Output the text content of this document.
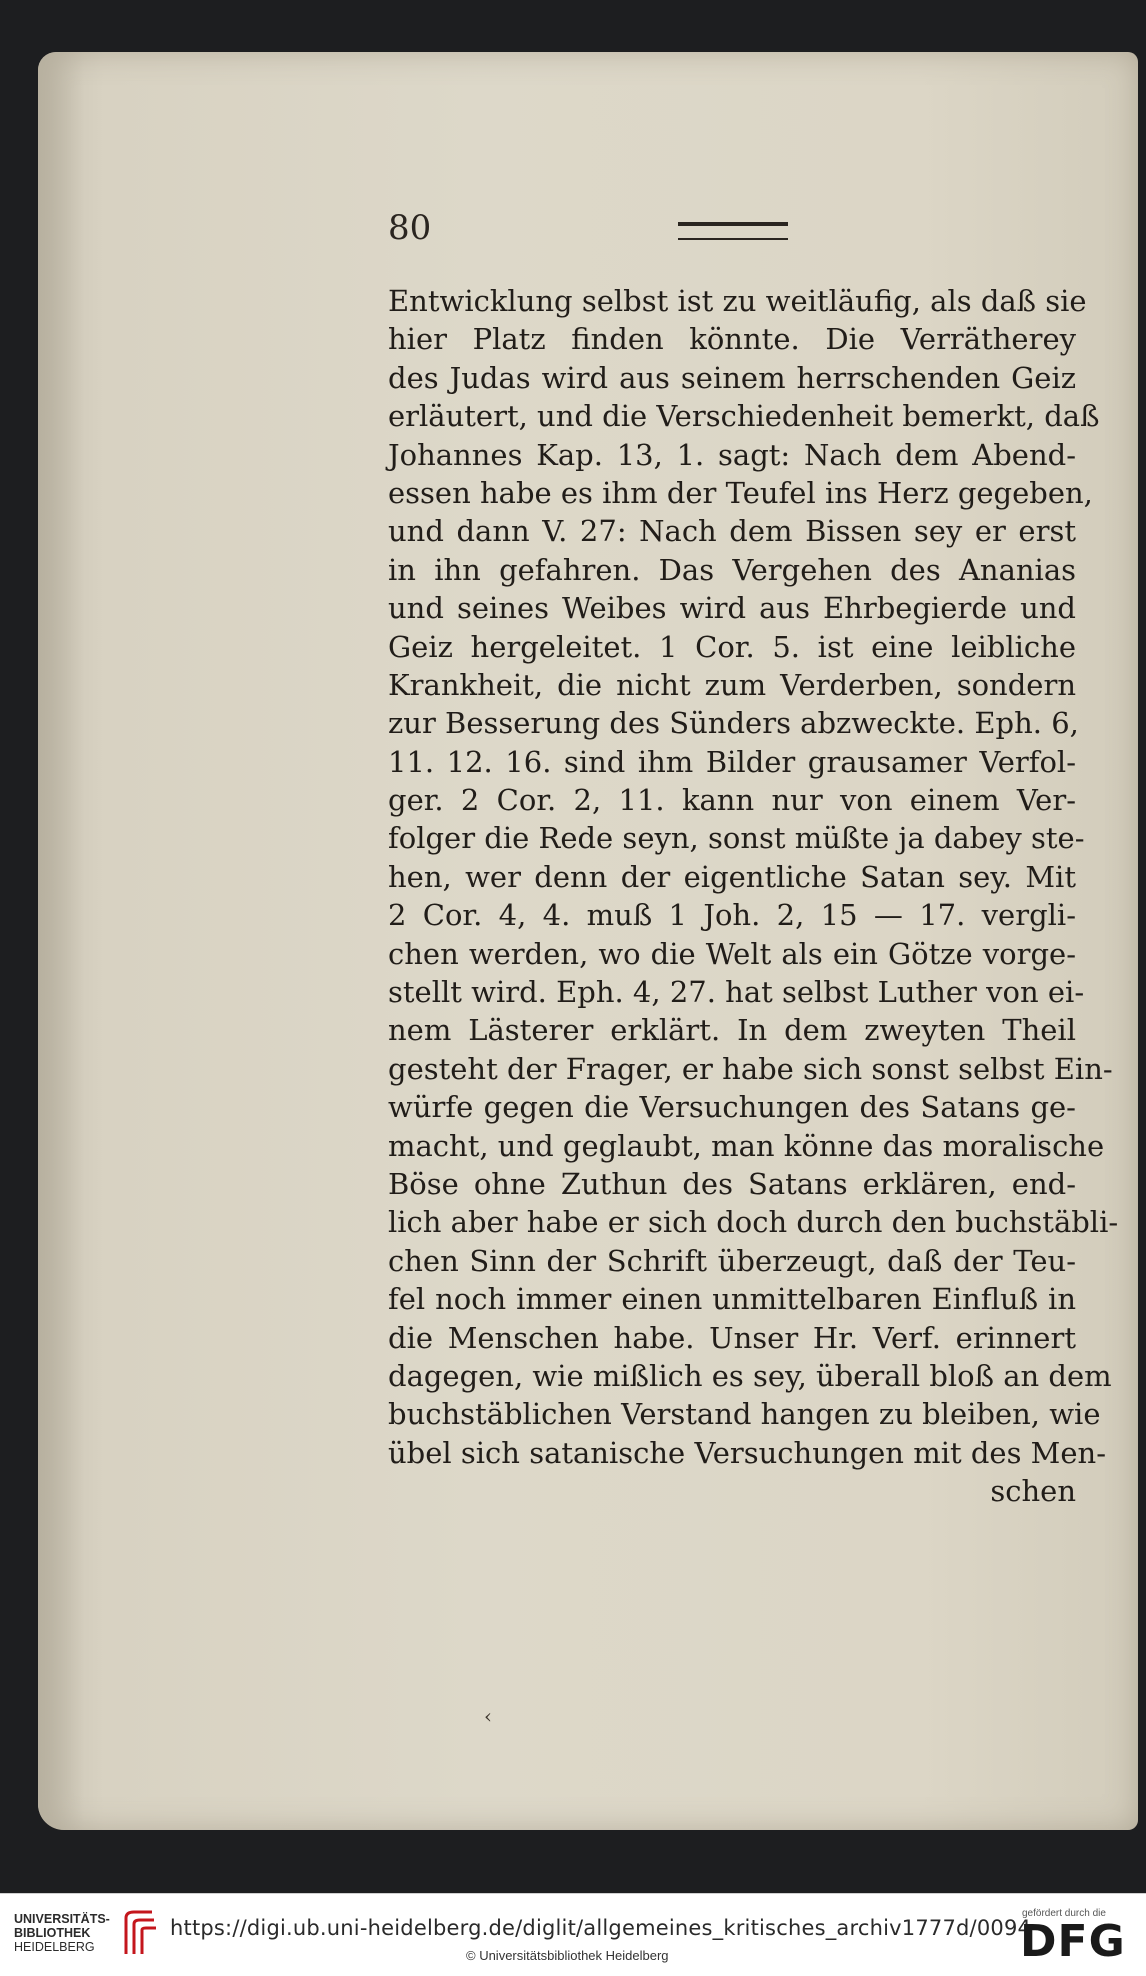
80
Entwicklung selbst ist zu weitläufig, als daß sie
hier Platz finden könnte. Die Verrätherey
des Judas wird aus seinem herrschenden Geiz
erläutert, und die Verschiedenheit bemerkt, daß
Johannes Kap. 13, 1. sagt: Nach dem Abend-
essen habe es ihm der Teufel ins Herz gegeben,
und dann V. 27: Nach dem Bissen sey er erst
in ihn gefahren. Das Vergehen des Ananias
und seines Weibes wird aus Ehrbegierde und
Geiz hergeleitet. 1 Cor. 5. ist eine leibliche
Krankheit, die nicht zum Verderben, sondern
zur Besserung des Sünders abzweckte. Eph. 6,
11. 12. 16. sind ihm Bilder grausamer Verfol-
ger. 2 Cor. 2, 11. kann nur von einem Ver-
folger die Rede seyn, sonst müßte ja dabey ste-
hen, wer denn der eigentliche Satan sey. Mit
2 Cor. 4, 4. muß 1 Joh. 2, 15 — 17. vergli-
chen werden, wo die Welt als ein Götze vorge-
stellt wird. Eph. 4, 27. hat selbst Luther von ei-
nem Lästerer erklärt. In dem zweyten Theil
gesteht der Frager, er habe sich sonst selbst Ein-
würfe gegen die Versuchungen des Satans ge-
macht, und geglaubt, man könne das moralische
Böse ohne Zuthun des Satans erklären, end-
lich aber habe er sich doch durch den buchstäbli-
chen Sinn der Schrift überzeugt, daß der Teu-
fel noch immer einen unmittelbaren Einfluß in
die Menschen habe. Unser Hr. Verf. erinnert
dagegen, wie mißlich es sey, überall bloß an dem
buchstäblichen Verstand hangen zu bleiben, wie
übel sich satanische Versuchungen mit des Men-
schen
‹
UNIVERSITÄTS-
BIBLIOTHEK
HEIDELBERG
https://digi.ub.uni-heidelberg.de/diglit/allgemeines_kritisches_archiv1777d/0094
© Universitätsbibliothek Heidelberg
gefördert durch die
DFG
